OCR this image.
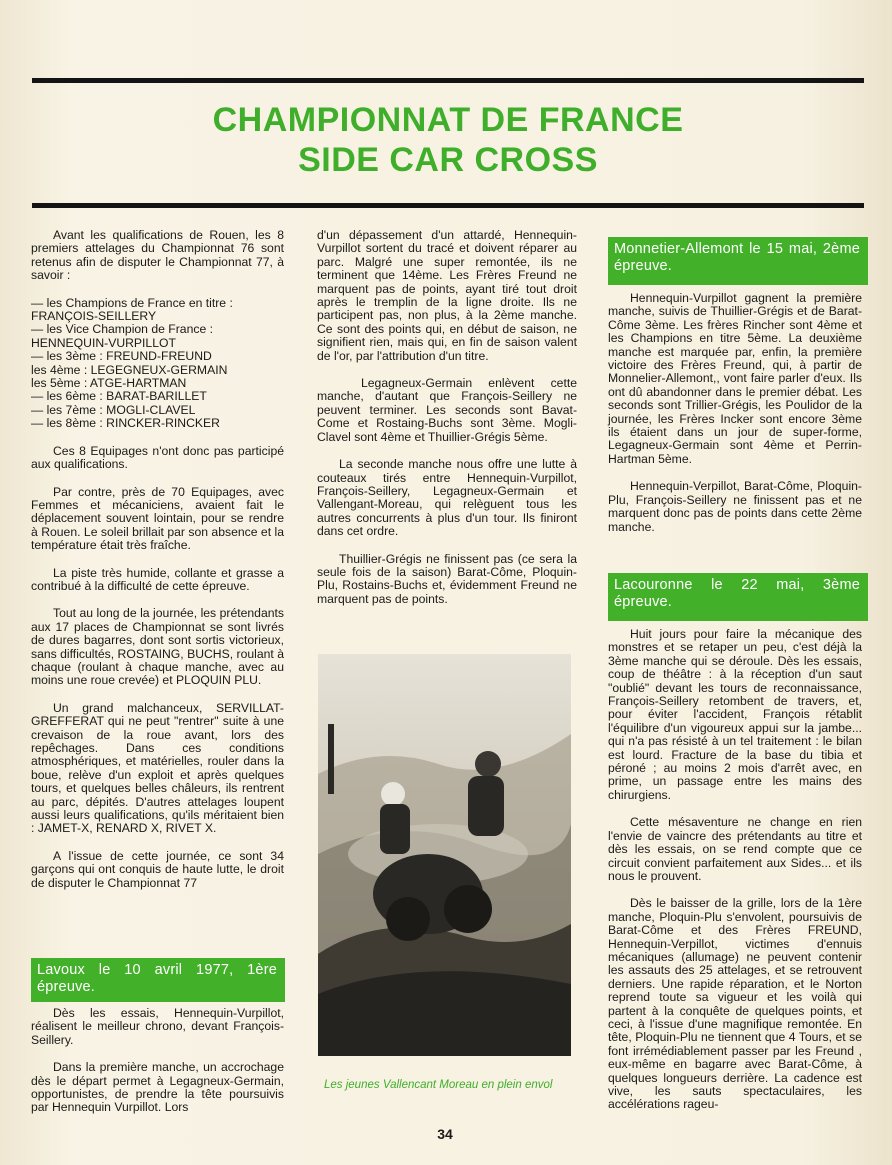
CHAMPIONNAT DE FRANCE
SIDE CAR CROSS

Avant les qualifications de Rouen, les 8 premiers attelages du Championnat 76 sont retenus afin de disputer le Championnat 77, à savoir :

— les Champions de France en titre : FRANÇOIS-SEILLERY
— les Vice Champion de France : HENNEQUIN-VURPILLOT
— les 3ème : FREUND-FREUND
les 4ème : LEGEGNEUX-GERMAIN
les 5ème : ATGE-HARTMAN
— les 6ème : BARAT-BARILLET
— les 7ème : MOGLI-CLAVEL
— les 8ème : RINCKER-RINCKER

Ces 8 Equipages n'ont donc pas participé aux qualifications.

Par contre, près de 70 Equipages, avec Femmes et mécaniciens, avaient fait le déplacement souvent lointain, pour se rendre à Rouen. Le soleil brillait par son absence et la température était très fraîche.

La piste très humide, collante et grasse a contribué à la difficulté de cette épreuve.

Tout au long de la journée, les prétendants aux 17 places de Championnat se sont livrés de dures bagarres, dont sont sortis victorieux, sans difficultés, ROSTAING, BUCHS, roulant à chaque (roulant à chaque manche, avec au moins une roue crevée) et PLOQUIN PLU.

Un grand malchanceux, SERVILLAT-GREFFERAT qui ne peut "rentrer" suite à une crevaison de la roue avant, lors des repêchages. Dans ces conditions atmosphériques, et matérielles, rouler dans la boue, relève d'un exploit et après quelques tours, et quelques belles châleurs, ils rentrent au parc, dépités. D'autres attelages loupent aussi leurs qualifications, qu'ils méritaient bien : JAMET-X, RENARD X, RIVET X.

A l'issue de cette journée, ce sont 34 garçons qui ont conquis de haute lutte, le droit de disputer le Championnat 77

Lavoux le 10 avril 1977, 1ère épreuve.

Dès les essais, Hennequin-Vurpillot, réalisent le meilleur chrono, devant François-Seillery.

Dans la première manche, un accrochage dès le départ permet à Legagneux-Germain, opportunistes, de prendre la tête poursuivis par Hennequin Vurpillot. Lors

d'un dépassement d'un attardé, Hennequin-Vurpillot sortent du tracé et doivent réparer au parc. Malgré une super remontée, ils ne terminent que 14ème. Les Frères Freund ne marquent pas de points, ayant tiré tout droit après le tremplin de la ligne droite. Ils ne participent pas, non plus, à la 2ème manche. Ce sont des points qui, en début de saison, ne signifient rien, mais qui, en fin de saison valent de l'or, par l'attribution d'un titre.

Legagneux-Germain enlèvent cette manche, d'autant que François-Seillery ne peuvent terminer. Les seconds sont Bavat-Come et Rostaing-Buchs sont 3ème. Mogli-Clavel sont 4ème et Thuillier-Grégis 5ème.

La seconde manche nous offre une lutte à couteaux tirés entre Hennequin-Vurpillot, François-Seillery, Legagneux-Germain et Vallengant-Moreau, qui relèguent tous les autres concurrents à plus d'un tour. Ils finiront dans cet ordre.

Thuillier-Grégis ne finissent pas (ce sera la seule fois de la saison) Barat-Côme, Ploquin-Plu, Rostains-Buchs et, évidemment Freund ne marquent pas de points.

Les jeunes Vallencant Moreau en plein envol
Monnetier-Allemont le 15 mai, 2ème épreuve.

Hennequin-Vurpillot gagnent la première manche, suivis de Thuillier-Grégis et de Barat-Côme 3ème. Les frères Rincher sont 4ème et les Champions en titre 5ème. La deuxième manche est marquée par, enfin, la première victoire des Frères Freund, qui, à partir de Monnelier-Allemont,, vont faire parler d'eux. Ils ont dû abandonner dans le premier débat. Les seconds sont Trillier-Grégis, les Poulidor de la journée, les Frères Incker sont encore 3ème ils étaient dans un jour de super-forme, Legagneux-Germain sont 4ème et Perrin-Hartman 5ème.

Hennequin-Verpillot, Barat-Côme, Ploquin-Plu, François-Seillery ne finissent pas et ne marquent donc pas de points dans cette 2ème manche.

Lacouronne le 22 mai, 3ème épreuve.

Huit jours pour faire la mécanique des monstres et se retaper un peu, c'est déjà la 3ème manche qui se déroule. Dès les essais, coup de théâtre : à la réception d'un saut "oublié" devant les tours de reconnaissance, François-Seillery retombent de travers, et, pour éviter l'accident, François rétablit l'équilibre d'un vigoureux appui sur la jambe... qui n'a pas résisté à un tel traitement : le bilan est lourd. Fracture de la base du tibia et péroné ; au moins 2 mois d'arrêt avec, en prime, un passage entre les mains des chirurgiens.

Cette mésaventure ne change en rien l'envie de vaincre des prétendants au titre et dès les essais, on se rend compte que ce circuit convient parfaitement aux Sides... et ils nous le prouvent.

Dès le baisser de la grille, lors de la 1ère manche, Ploquin-Plu s'envolent, poursuivis de Barat-Côme et des Frères FREUND, Hennequin-Verpillot, victimes d'ennuis mécaniques (allumage) ne peuvent contenir les assauts des 25 attelages, et se retrouvent derniers. Une rapide réparation, et le Norton reprend toute sa vigueur et les voilà qui partent à la conquête de quelques points, et ceci, à l'issue d'une magnifique remontée. En tête, Ploquin-Plu ne tiennent que 4 Tours, et se font irrémédiablement passer par les Freund , eux-même en bagarre avec Barat-Côme, à quelques longueurs derrière. La cadence est vive, les sauts spectaculaires, les accélérations rageu-

34
